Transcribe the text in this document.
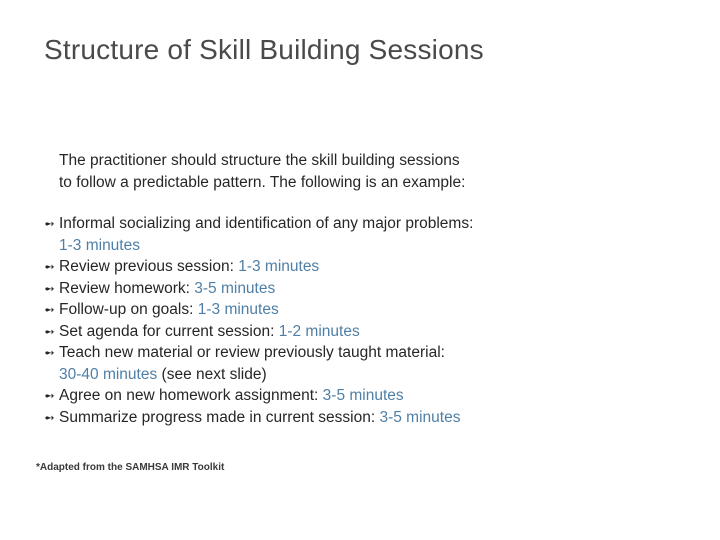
Structure of Skill Building Sessions
The practitioner should structure the skill building sessions
to follow a predictable pattern. The following is an example:
➻ Informal socializing and identification of any major problems:
1-3 minutes
➻ Review previous session: 1-3 minutes
➻ Review homework: 3-5 minutes
➻ Follow-up on goals: 1-3 minutes
➻ Set agenda for current session: 1-2 minutes
➻ Teach new material or review previously taught material:
30-40 minutes (see next slide)
➻ Agree on new homework assignment: 3-5 minutes
➻ Summarize progress made in current session: 3-5 minutes
*Adapted from the SAMHSA IMR Toolkit
